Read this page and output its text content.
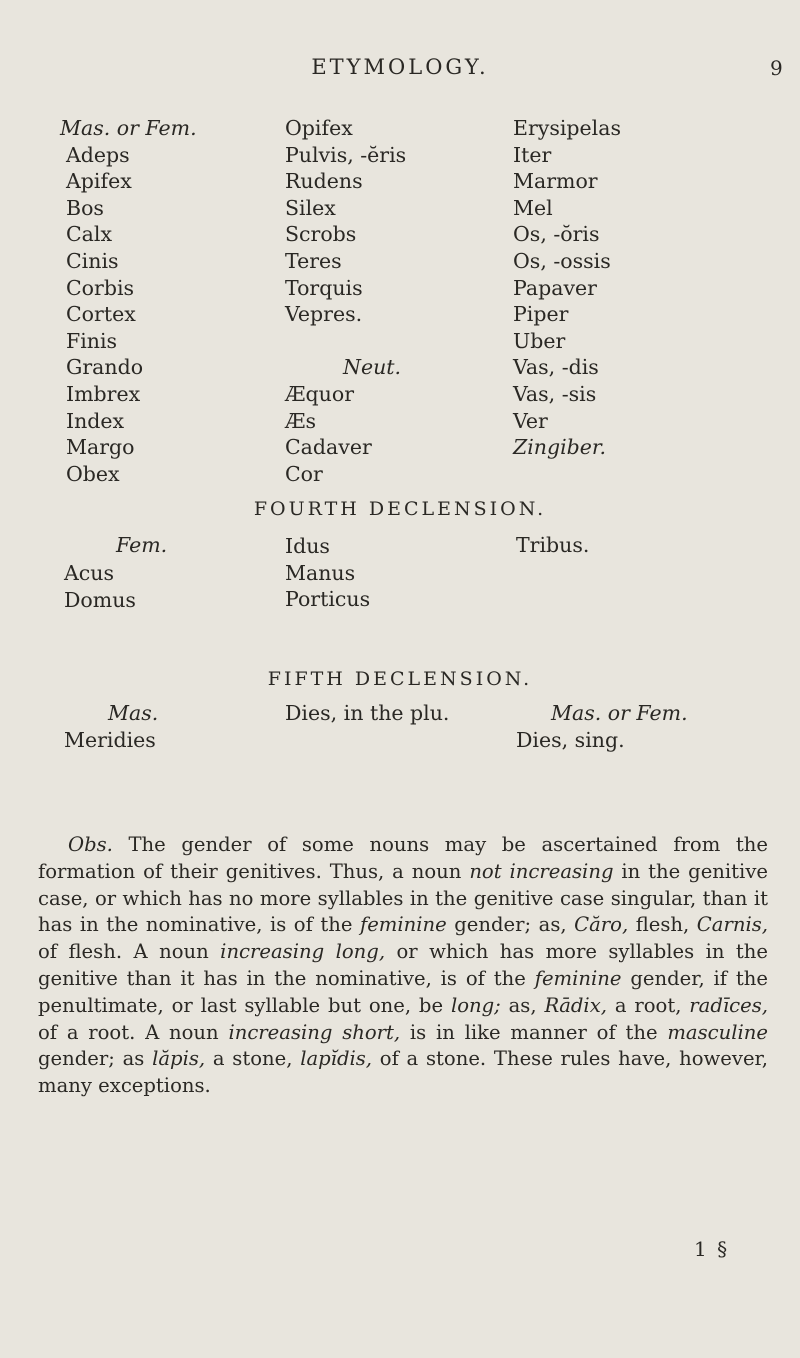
ETYMOLOGY.	9
Mas. or Fem.
Adeps
Apifex
Bos
Calx
Cinis
Corbis
Cortex
Finis
Grando
Imbrex
Index
Margo
Obex
Opifex
Pulvis, -ĕris
Rudens
Silex
Scrobs
Teres
Torquis
Vepres.
Neut.
Æquor
Æs
Cadaver
Cor
Erysipelas
Iter
Marmor
Mel
Os, -ŏris
Os, -ossis
Papaver
Piper
Uber
Vas, -dis
Vas, -sis
Ver
Zingiber.
FOURTH DECLENSION.
Fem.
Acus
Domus
Idus
Manus
Porticus
Tribus.
FIFTH DECLENSION.
Mas.
Meridies
Dies, in the plu.	Mas. or Fem.
Dies, sing.

Obs. The gender of some nouns may be ascertained from the formation of their genitives. Thus, a noun not increasing in the genitive case, or which has no more syllables in the genitive case singular, than it has in the nominative, is of the feminine gender; as, Căro, flesh, Carnis, of flesh. A noun increasing long, or which has more syllables in the genitive than it has in the nominative, is of the feminine gender, if the penultimate, or last syllable but one, be long; as, Rādix, a root, radīces, of a root. A noun increasing short, is in like manner of the masculine gender; as lăpis, a stone, lapĭdis, of a stone. These rules have, however, many exceptions.

1 §
